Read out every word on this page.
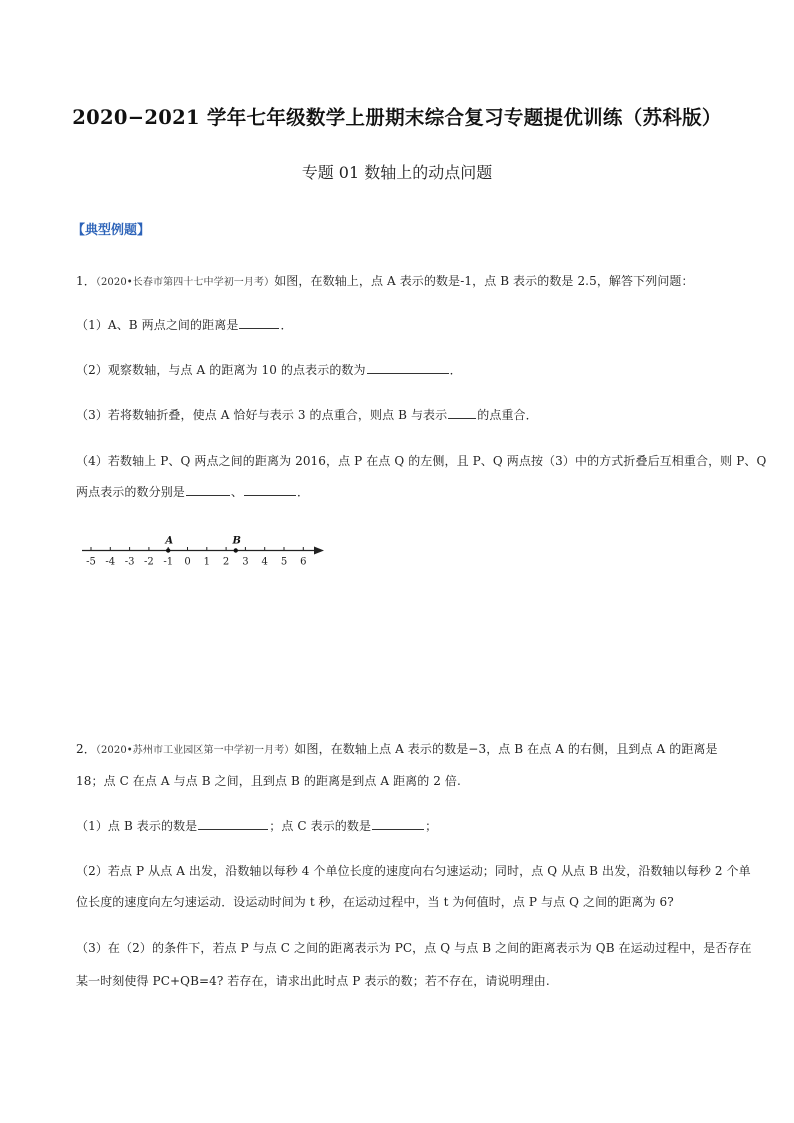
2020−2021 学年七年级数学上册期末综合复习专题提优训练（苏科版）
专题 01 数轴上的动点问题
【典型例题】
1．（2020•长春市第四十七中学初一月考）如图，在数轴上，点 A 表示的数是-1，点 B 表示的数是 2.5，解答下列问题：
（1）A、B 两点之间的距离是	．
（2）观察数轴，与点 A 的距离为 10 的点表示的数为	．
（3）若将数轴折叠，使点 A 恰好与表示 3 的点重合，则点 B 与表示	的点重合．
（4）若数轴上 P、Q 两点之间的距离为 2016，点 P 在点 Q 的左侧，且 P、Q 两点按（3）中的方式折叠后互相重合，则 P、Q
两点表示的数分别是	、	．
-5 -4 -3 -2 -1 0 1 2 3 4 5 6
A	B
2．（2020•苏州市工业园区第一中学初一月考）如图，在数轴上点 A 表示的数是−3，点 B 在点 A 的右侧，且到点 A 的距离是
18；点 C 在点 A 与点 B 之间，且到点 B 的距离是到点 A 距离的 2 倍.
（1）点 B 表示的数是	；点 C 表示的数是	；
（2）若点 P 从点 A 出发，沿数轴以每秒 4 个单位长度的速度向右匀速运动；同时，点 Q 从点 B 出发，沿数轴以每秒 2 个单
位长度的速度向左匀速运动．设运动时间为 t 秒，在运动过程中，当 t 为何值时，点 P 与点 Q 之间的距离为 6?
（3）在（2）的条件下，若点 P 与点 C 之间的距离表示为 PC，点 Q 与点 B 之间的距离表示为 QB 在运动过程中，是否存在
某一时刻使得 PC+QB=4? 若存在，请求出此时点 P 表示的数；若不存在，请说明理由.
